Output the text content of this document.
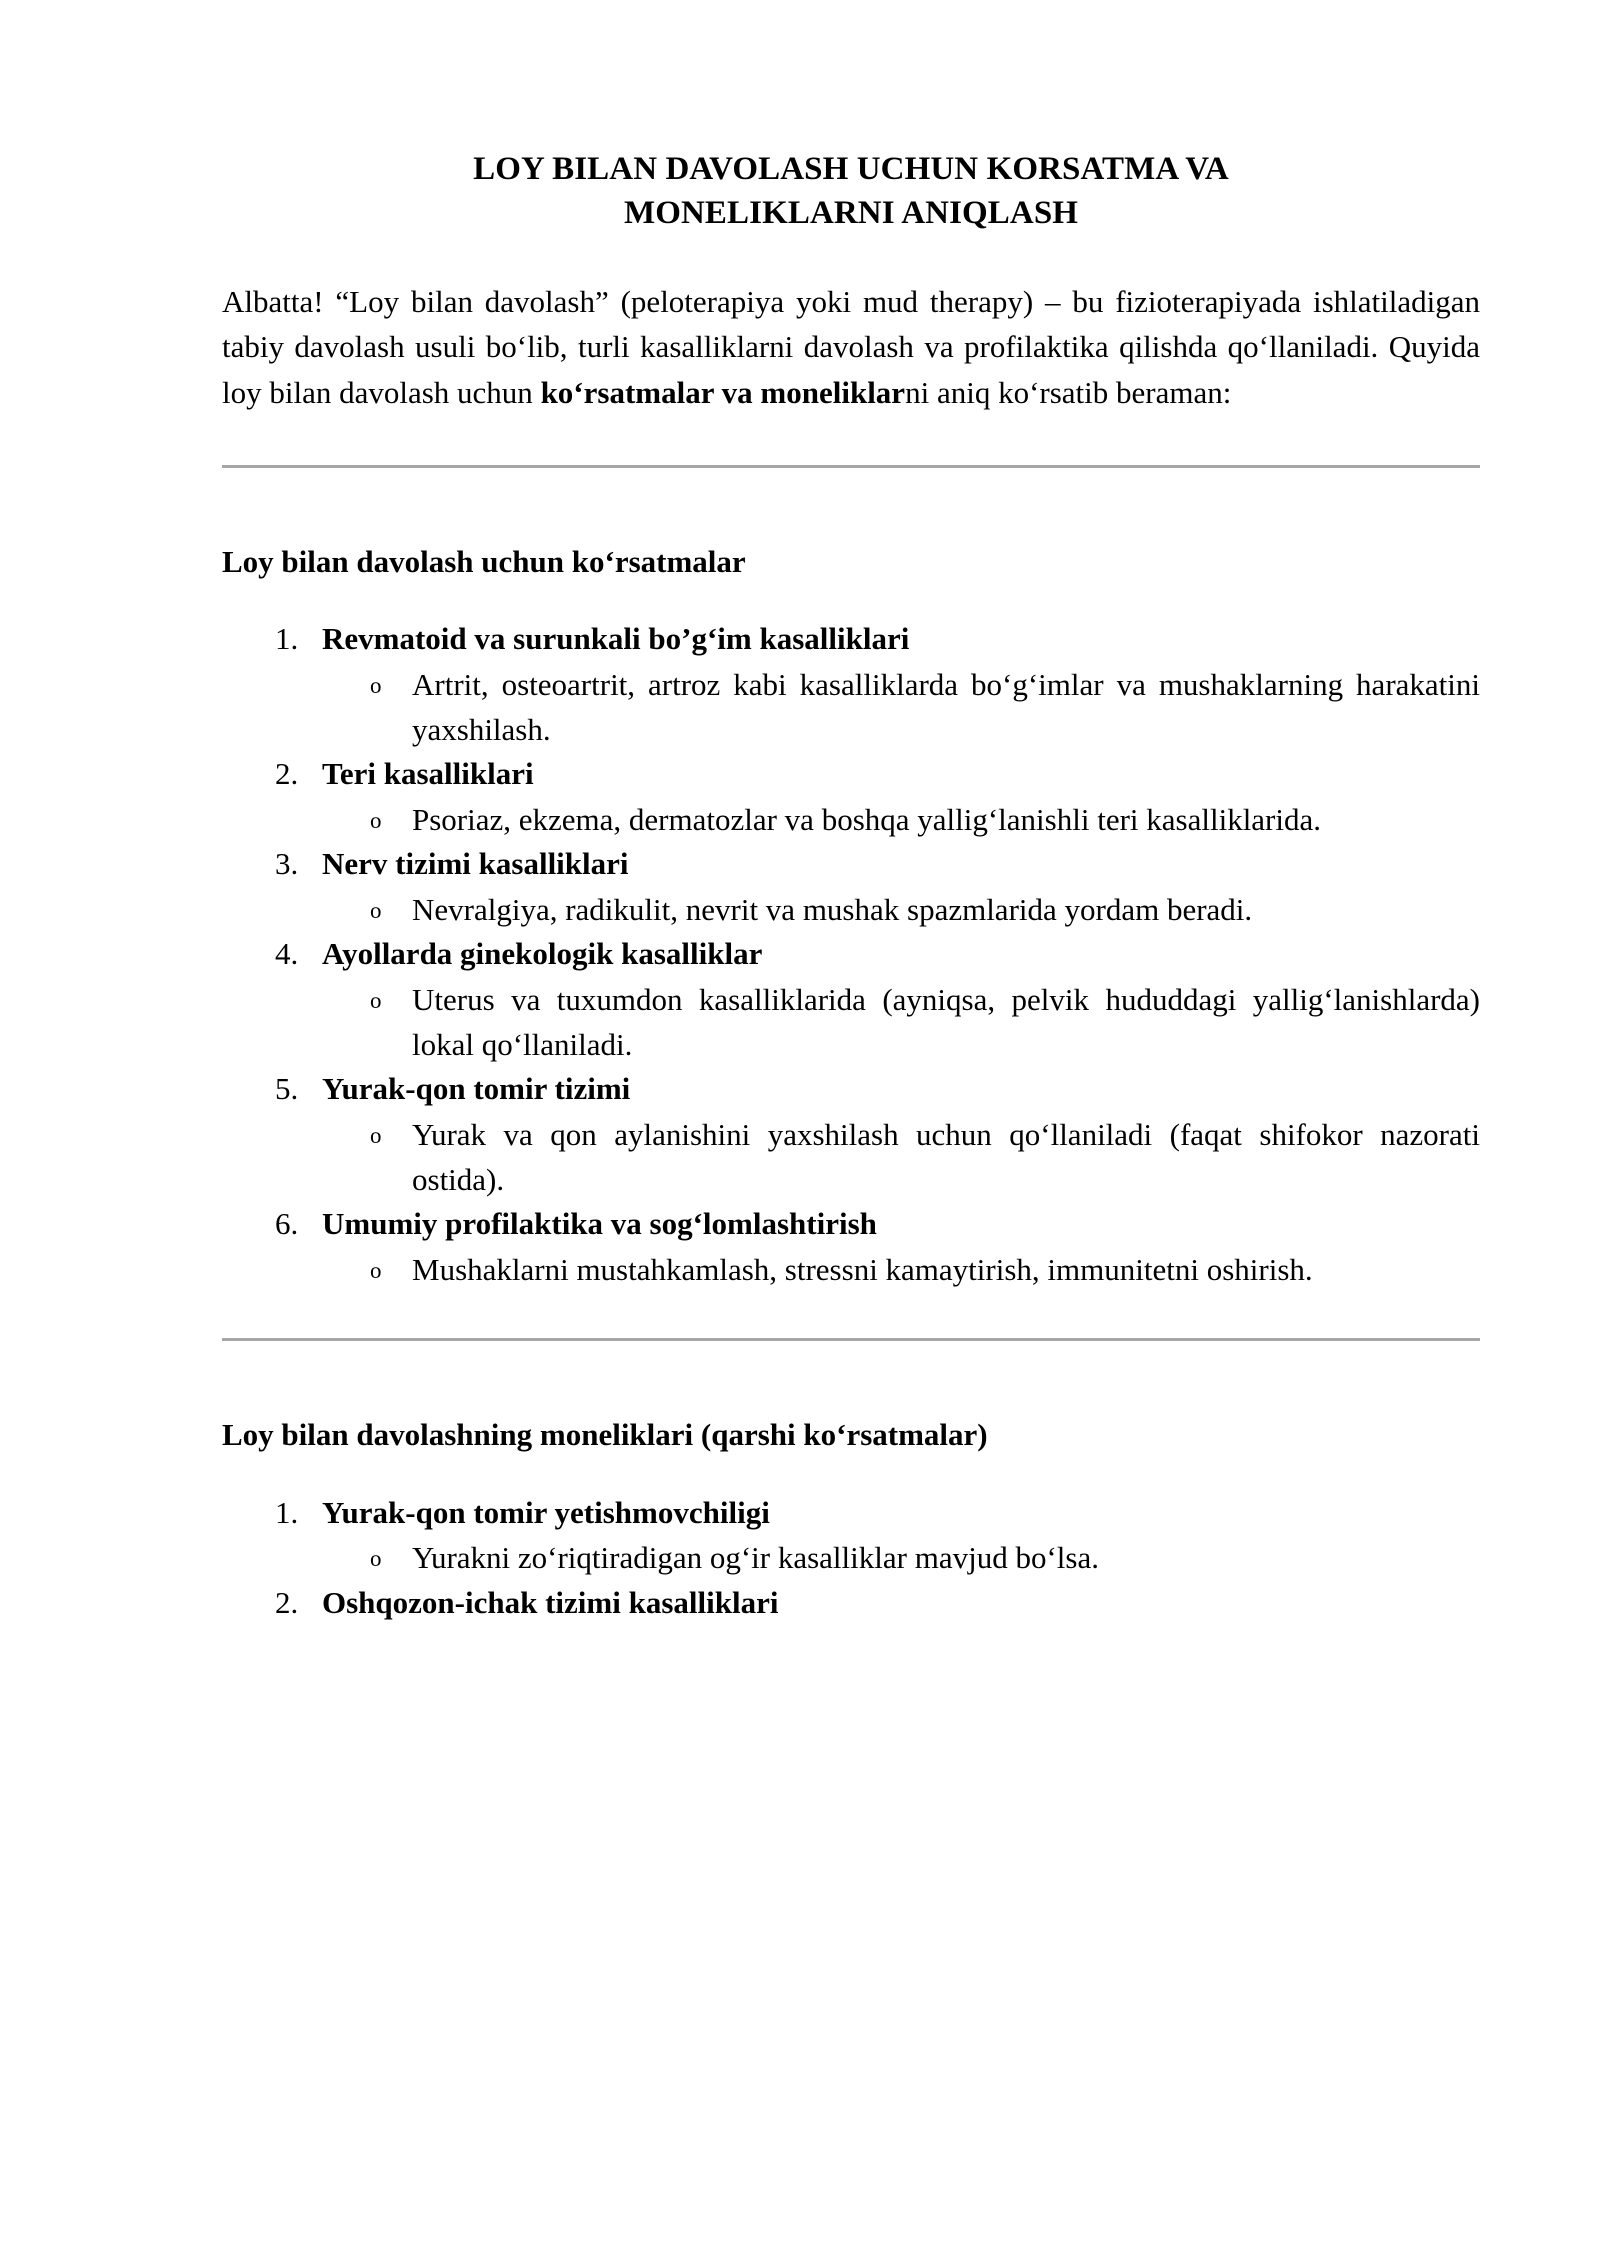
LOY BILAN DAVOLASH UCHUN KORSATMA VA
MONELIKLARNI ANIQLASH

Albatta! “Loy bilan davolash” (peloterapiya yoki mud therapy) – bu fizioterapiyada ishlatiladigan tabiy davolash usuli bo‘lib, turli kasalliklarni davolash va profilaktika qilishda qo‘llaniladi. Quyida loy bilan davolash uchun ko‘rsatmalar va moneliklarni aniq ko‘rsatib beraman:

Loy bilan davolash uchun ko‘rsatmalar
1. Revmatoid va surunkali bo’g‘im kasalliklari
o Artrit, osteoartrit, artroz kabi kasalliklarda bo‘g‘imlar va mushaklarning harakatini yaxshilash.
2. Teri kasalliklari
o Psoriaz, ekzema, dermatozlar va boshqa yallig‘lanishli teri kasalliklarida.
3. Nerv tizimi kasalliklari
o Nevralgiya, radikulit, nevrit va mushak spazmlarida yordam beradi.
4. Ayollarda ginekologik kasalliklar
o Uterus va tuxumdon kasalliklarida (ayniqsa, pelvik hududdagi yallig‘lanishlarda) lokal qo‘llaniladi.
5. Yurak-qon tomir tizimi
o Yurak va qon aylanishini yaxshilash uchun qo‘llaniladi (faqat shifokor nazorati ostida).
6. Umumiy profilaktika va sog‘lomlashtirish
o Mushaklarni mustahkamlash, stressni kamaytirish, immunitetni oshirish.
Loy bilan davolashning moneliklari (qarshi ko‘rsatmalar)
1. Yurak-qon tomir yetishmovchiligi
o Yurakni zo‘riqtiradigan og‘ir kasalliklar mavjud bo‘lsa.
2. Oshqozon-ichak tizimi kasalliklari
